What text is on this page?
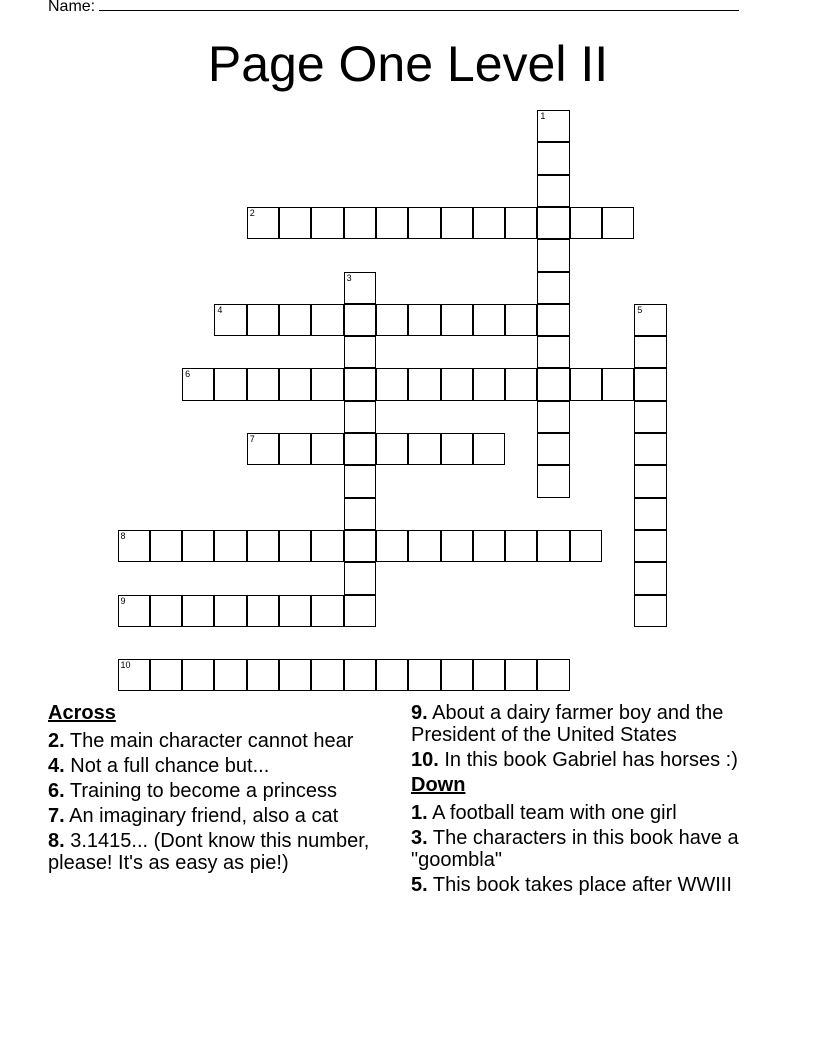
Name:
Page One Level II
1
2
3
4	5
6
7
8
9
10
Across
2. The main character cannot hear
4. Not a full chance but...
6. Training to become a princess
7. An imaginary friend, also a cat
8. 3.1415... (Dont know this number, please! It's as easy as pie!)
9. About a dairy farmer boy and the President of the United States
10. In this book Gabriel has horses :)
Down
1. A football team with one girl
3. The characters in this book have a "goombla"
5. This book takes place after WWIII
